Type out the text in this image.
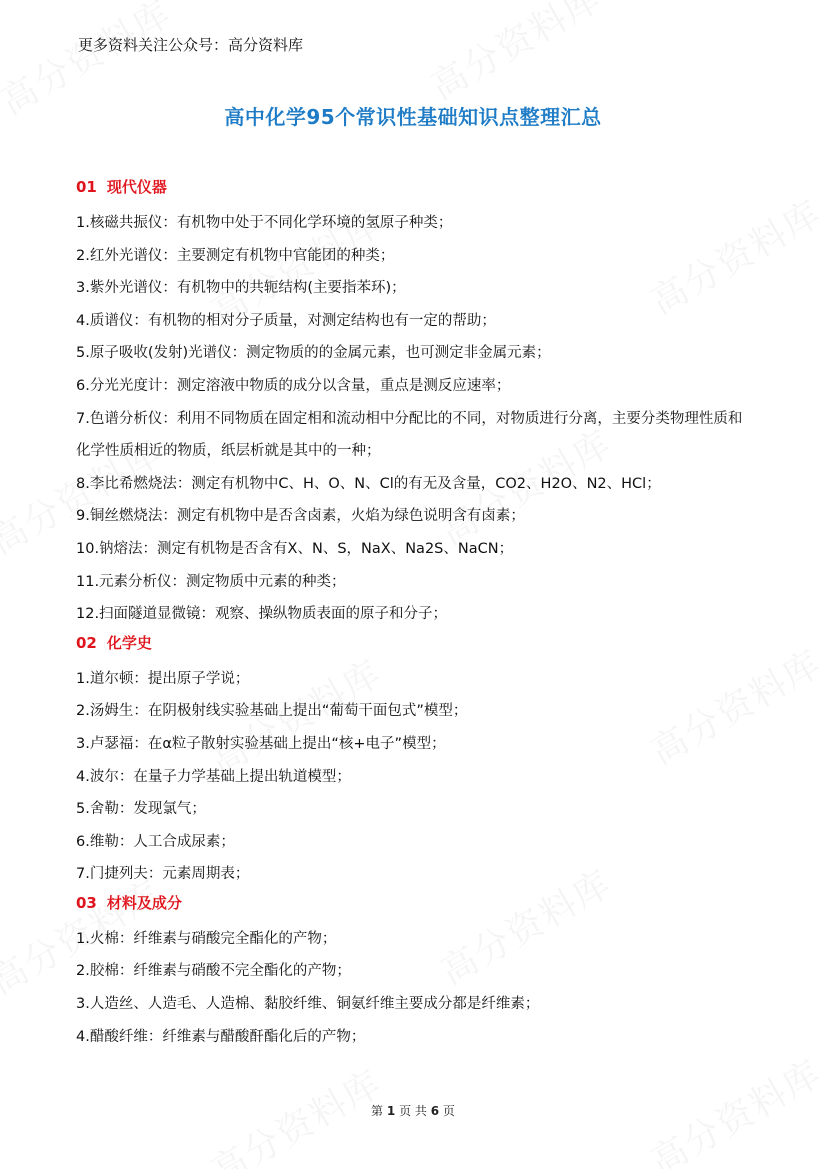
更多资料关注公众号：高分资料库
高中化学95个常识性基础知识点整理汇总
01 现代仪器
1.核磁共振仪：有机物中处于不同化学环境的氢原子种类；
2.红外光谱仪：主要测定有机物中官能团的种类；
3.紫外光谱仪：有机物中的共轭结构(主要指苯环)；
4.质谱仪：有机物的相对分子质量，对测定结构也有一定的帮助；
5.原子吸收(发射)光谱仪：测定物质的的金属元素，也可测定非金属元素；
6.分光光度计：测定溶液中物质的成分以含量，重点是测反应速率；
7.色谱分析仪：利用不同物质在固定相和流动相中分配比的不同，对物质进行分离，主要分类物理性质和化学性质相近的物质，纸层析就是其中的一种；
8.李比希燃烧法：测定有机物中C、H、O、N、Cl的有无及含量，CO2、H2O、N2、HCl；
9.铜丝燃烧法：测定有机物中是否含卤素，火焰为绿色说明含有卤素；
10.钠熔法：测定有机物是否含有X、N、S，NaX、Na2S、NaCN；
11.元素分析仪：测定物质中元素的种类；
12.扫面隧道显微镜：观察、操纵物质表面的原子和分子；
02 化学史
1.道尔顿：提出原子学说；
2.汤姆生：在阴极射线实验基础上提出“葡萄干面包式”模型；
3.卢瑟福：在α粒子散射实验基础上提出“核+电子”模型；
4.波尔：在量子力学基础上提出轨道模型；
5.舍勒：发现氯气；
6.维勒：人工合成尿素；
7.门捷列夫：元素周期表；
03 材料及成分
1.火棉：纤维素与硝酸完全酯化的产物；
2.胶棉：纤维素与硝酸不完全酯化的产物；
3.人造丝、人造毛、人造棉、黏胶纤维、铜氨纤维主要成分都是纤维素；
4.醋酸纤维：纤维素与醋酸酐酯化后的产物；
第 1 页 共 6 页
